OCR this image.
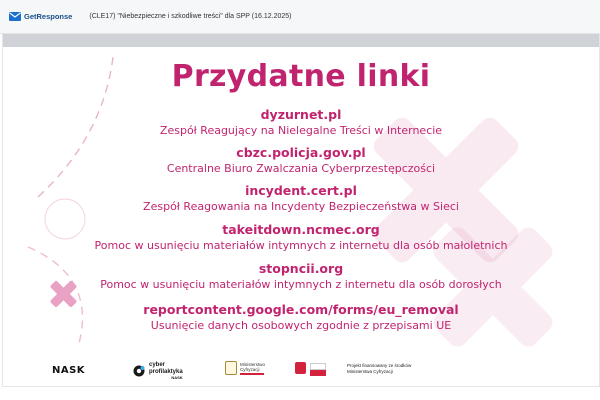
GetResponse (CLE17) "Niebezpieczne i szkodliwe treści" dla SPP (16.12.2025)
Przydatne linki
dyzurnet.pl
Zespół Reagujący na Nielegalne Treści w Internecie
cbzc.policja.gov.pl
Centralne Biuro Zwalczania Cyberprzestępczości
incydent.cert.pl
Zespół Reagowania na Incydenty Bezpieczeństwa w Sieci
takeitdown.ncmec.org
Pomoc w usunięciu materiałów intymnych z internetu dla osób małoletnich
stopncii.org
Pomoc w usunięciu materiałów intymnych z internetu dla osób dorosłych
reportcontent.google.com/forms/eu_removal
Usunięcie danych osobowych zgodnie z przepisami UE
NASK	cyber
profilaktyka
NASK
Ministerstwo
Cyfryzacji
Projekt finansowany ze środków Ministerstwa Cyfryzacji
